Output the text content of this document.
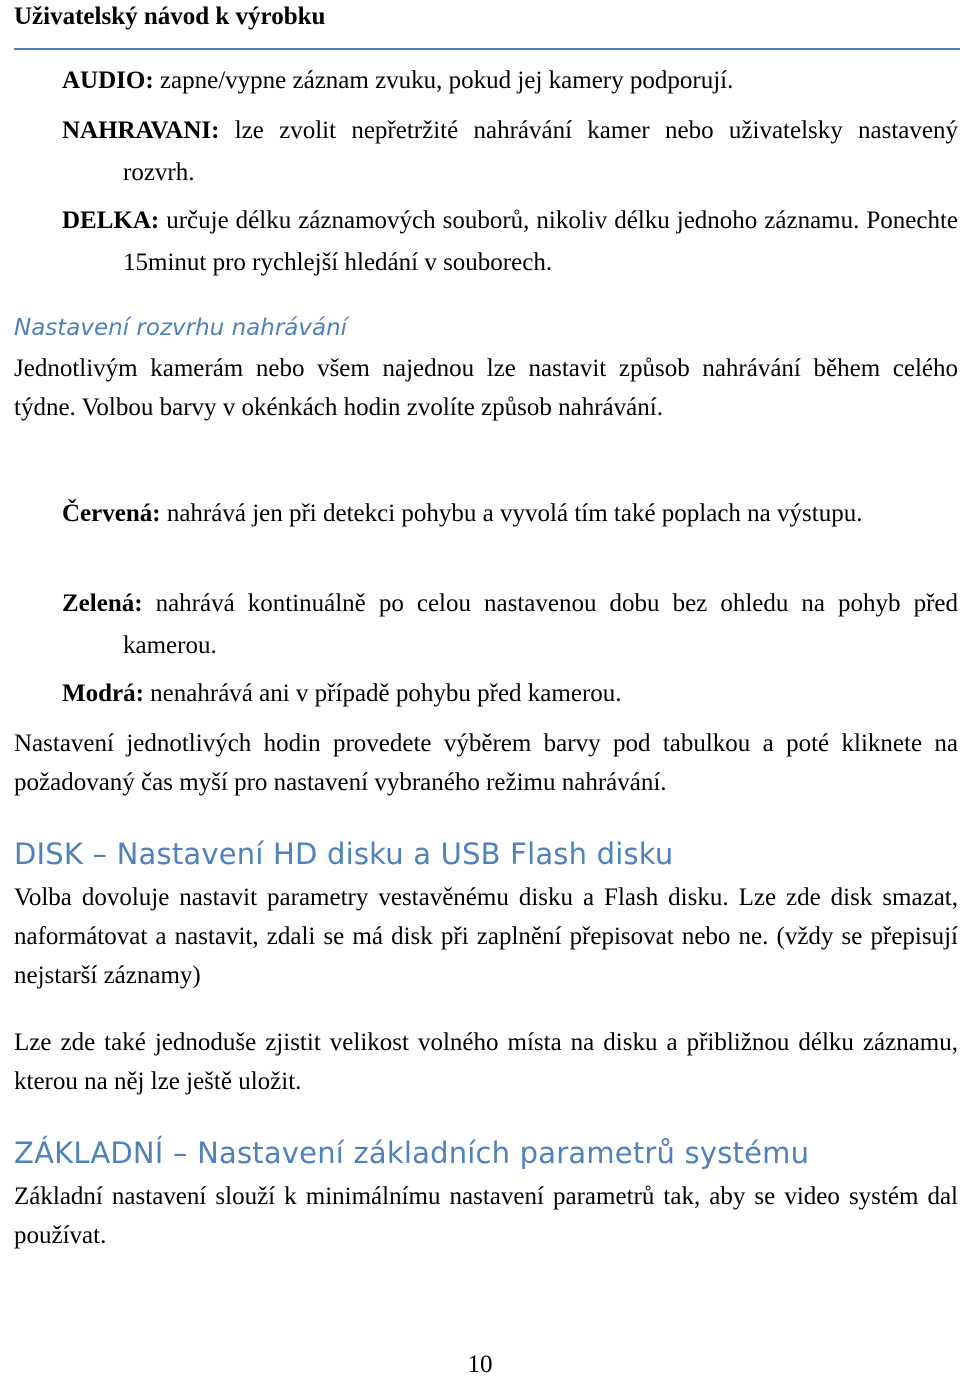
Uživatelský návod k výrobku
AUDIO: zapne/vypne záznam zvuku, pokud jej kamery podporují.
NAHRAVANI: lze zvolit nepřetržité nahrávání kamer nebo uživatelsky nastavený rozvrh.
DELKA: určuje délku záznamových souborů, nikoliv délku jednoho záznamu. Ponechte 15minut pro rychlejší hledání v souborech.
Nastavení rozvrhu nahrávání
Jednotlivým kamerám nebo všem najednou lze nastavit způsob nahrávání během celého týdne. Volbou barvy v okénkách hodin zvolíte způsob nahrávání.
Červená: nahrává jen při detekci pohybu a vyvolá tím také poplach na výstupu.
Zelená: nahrává kontinuálně po celou nastavenou dobu bez ohledu na pohyb před kamerou.
Modrá: nenahrává ani v případě pohybu před kamerou.
Nastavení jednotlivých hodin provedete výběrem barvy pod tabulkou a poté kliknete na požadovaný čas myší pro nastavení vybraného režimu nahrávání.
DISK – Nastavení HD disku a USB Flash disku
Volba dovoluje nastavit parametry vestavěnému disku a Flash disku. Lze zde disk smazat, naformátovat a nastavit, zdali se má disk při zaplnění přepisovat nebo ne. (vždy se přepisují nejstarší záznamy)
Lze zde také jednoduše zjistit velikost volného místa na disku a přibližnou délku záznamu, kterou na něj lze ještě uložit.
ZÁKLADNÍ – Nastavení základních parametrů systému
Základní nastavení slouží k minimálnímu nastavení parametrů tak, aby se video systém dal používat.
10
